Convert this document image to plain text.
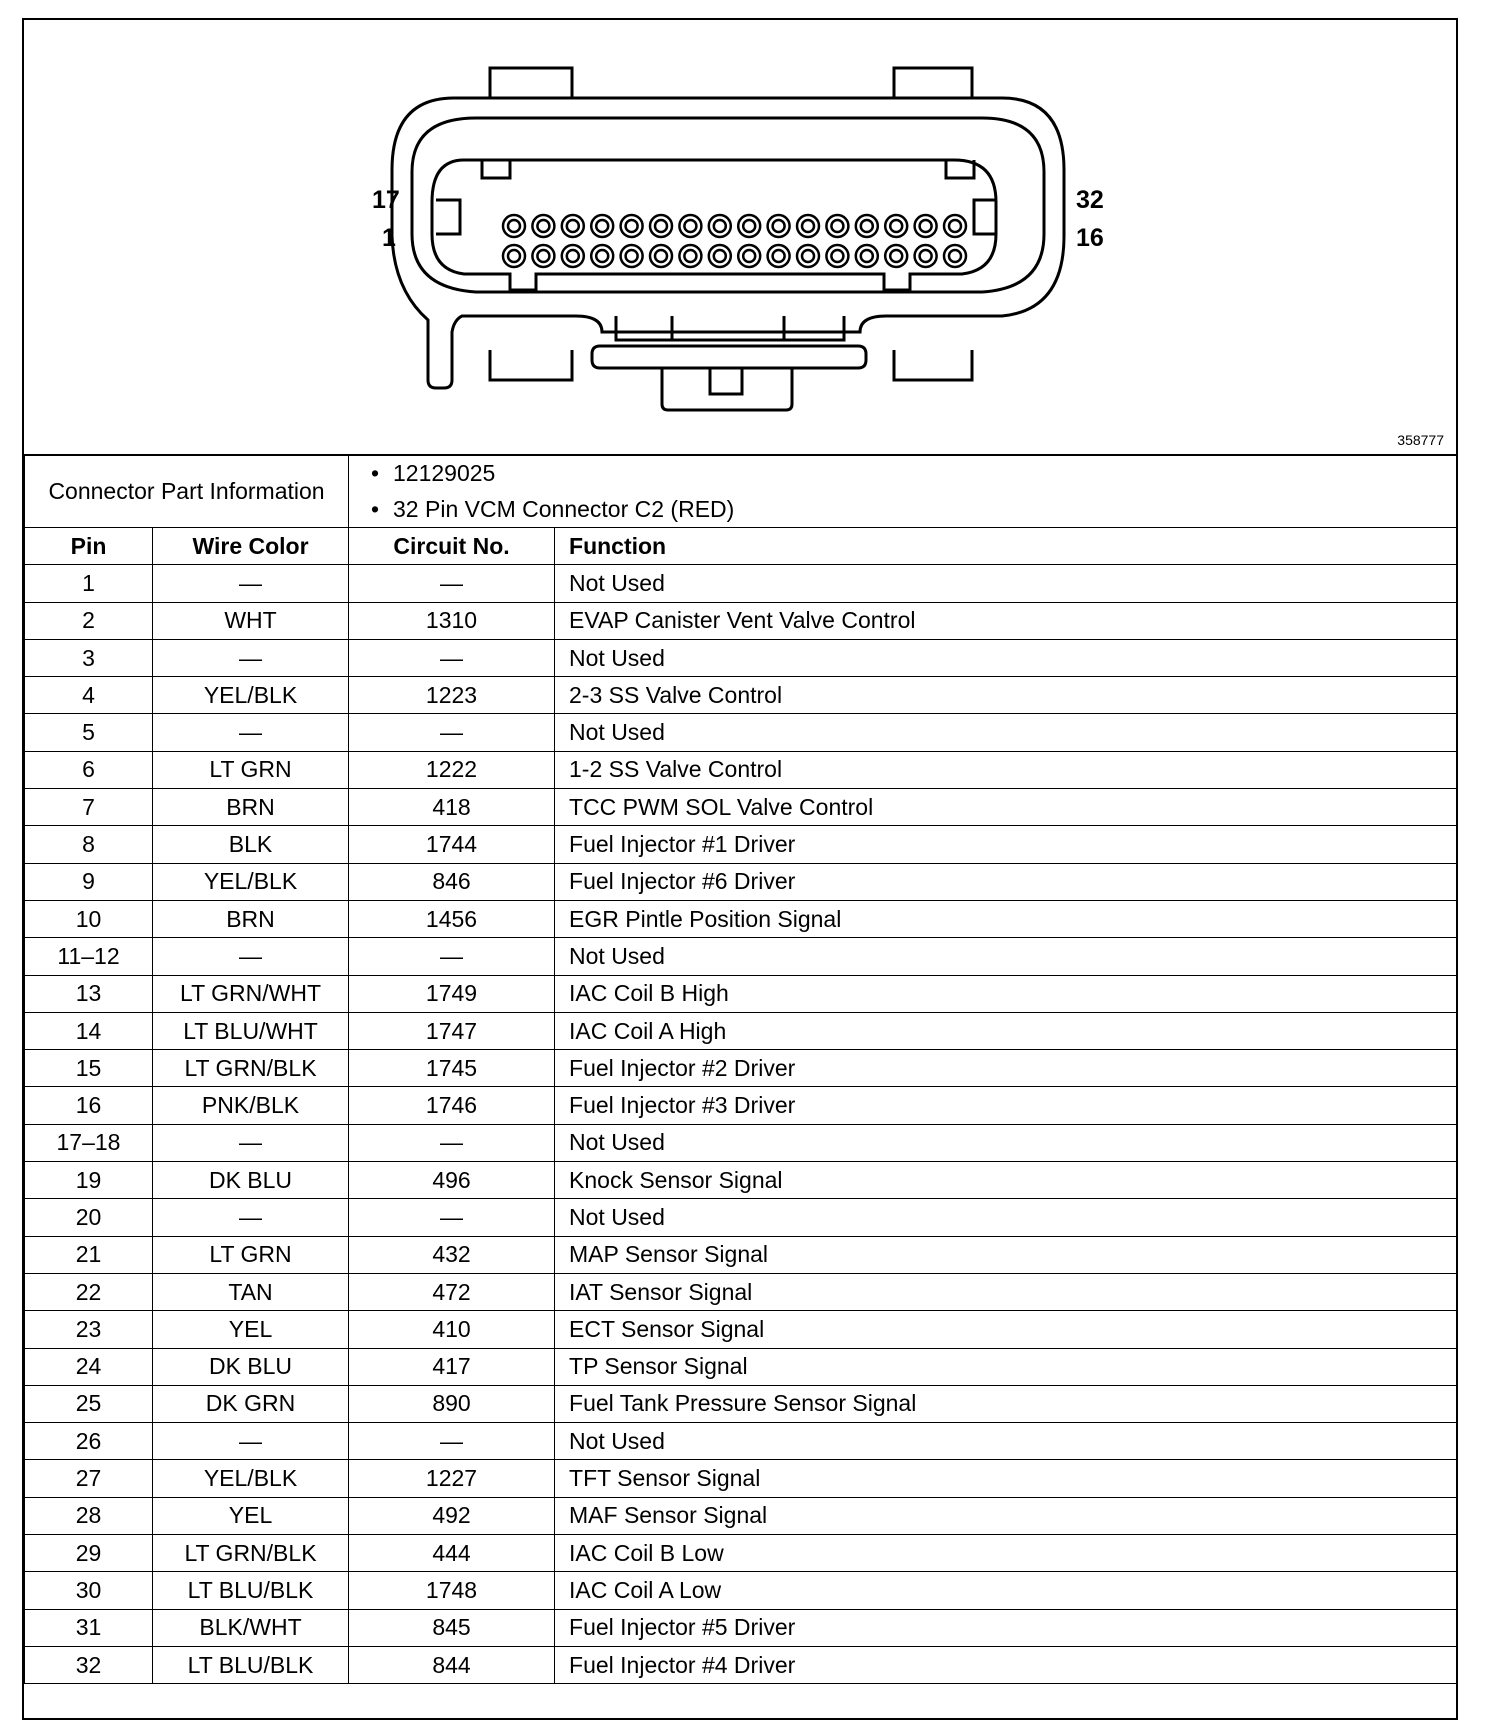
17
1
32
16
358777
Connector Part Information		• 12129025
• 32 Pin VCM Connector C2 (RED)

Pin	Wire Color	Circuit No.	Function
1	—	—	Not Used
2	WHT	1310	EVAP Canister Vent Valve Control
3	—	—	Not Used
4	YEL/BLK	1223	2-3 SS Valve Control
5	—	—	Not Used
6	LT GRN	1222	1-2 SS Valve Control
7	BRN	418	TCC PWM SOL Valve Control
8	BLK	1744	Fuel Injector #1 Driver
9	YEL/BLK	846	Fuel Injector #6 Driver
10	BRN	1456	EGR Pintle Position Signal
11–12	—	—	Not Used
13	LT GRN/WHT	1749	IAC Coil B High
14	LT BLU/WHT	1747	IAC Coil A High
15	LT GRN/BLK	1745	Fuel Injector #2 Driver
16	PNK/BLK	1746	Fuel Injector #3 Driver
17–18	—	—	Not Used
19	DK BLU	496	Knock Sensor Signal
20	—	—	Not Used
21	LT GRN	432	MAP Sensor Signal
22	TAN	472	IAT Sensor Signal
23	YEL	410	ECT Sensor Signal
24	DK BLU	417	TP Sensor Signal
25	DK GRN	890	Fuel Tank Pressure Sensor Signal
26	—	—	Not Used
27	YEL/BLK	1227	TFT Sensor Signal
28	YEL	492	MAF Sensor Signal
29	LT GRN/BLK	444	IAC Coil B Low
30	LT BLU/BLK	1748	IAC Coil A Low
31	BLK/WHT	845	Fuel Injector #5 Driver
32	LT BLU/BLK	844	Fuel Injector #4 Driver
